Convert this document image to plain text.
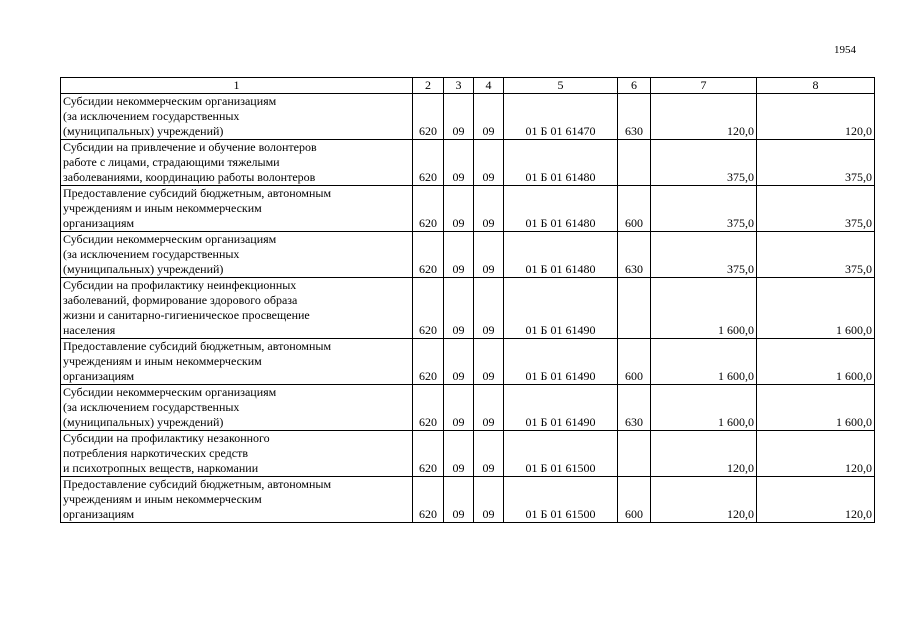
1954
1	2	3	4	5	6	7	8

Субсидии некоммерческим организациям
(за исключением государственных
(муниципальных) учреждений)	620	09	09	01 Б 01 61470	630	120,0	120,0

Субсидии на привлечение и обучение волонтеров
работе с лицами, страдающими тяжелыми
заболеваниями, координацию работы волонтеров	620	09	09	01 Б 01 61480		375,0	375,0

Предоставление субсидий бюджетным, автономным
учреждениям и иным некоммерческим
организациям	620	09	09	01 Б 01 61480	600	375,0	375,0

Субсидии некоммерческим организациям
(за исключением государственных
(муниципальных) учреждений)	620	09	09	01 Б 01 61480	630	375,0	375,0

Субсидии на профилактику неинфекционных
заболеваний, формирование здорового образа
жизни и санитарно-гигиеническое просвещение
населения	620	09	09	01 Б 01 61490		1 600,0	1 600,0

Предоставление субсидий бюджетным, автономным
учреждениям и иным некоммерческим
организациям	620	09	09	01 Б 01 61490	600	1 600,0	1 600,0

Субсидии некоммерческим организациям
(за исключением государственных
(муниципальных) учреждений)	620	09	09	01 Б 01 61490	630	1 600,0	1 600,0

Субсидии на профилактику незаконного
потребления наркотических средств
и психотропных веществ, наркомании	620	09	09	01 Б 01 61500		120,0	120,0

Предоставление субсидий бюджетным, автономным
учреждениям и иным некоммерческим
организациям	620	09	09	01 Б 01 61500	600	120,0	120,0
